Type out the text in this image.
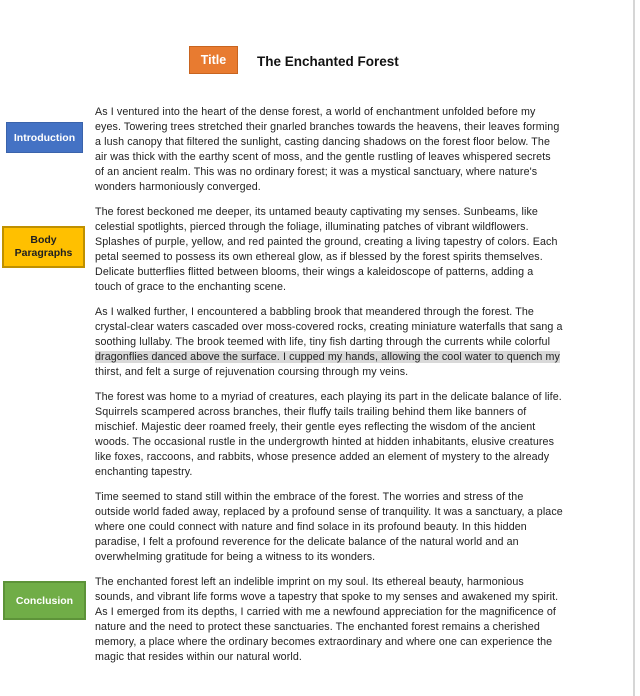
Title The Enchanted Forest
Introduction
Body Paragraphs
Conclusion
As I ventured into the heart of the dense forest, a world of enchantment unfolded before my
eyes. Towering trees stretched their gnarled branches towards the heavens, their leaves forming
a lush canopy that filtered the sunlight, casting dancing shadows on the forest floor below. The
air was thick with the earthy scent of moss, and the gentle rustling of leaves whispered secrets
of an ancient realm. This was no ordinary forest; it was a mystical sanctuary, where nature's
wonders harmoniously converged.
The forest beckoned me deeper, its untamed beauty captivating my senses. Sunbeams, like
celestial spotlights, pierced through the foliage, illuminating patches of vibrant wildflowers.
Splashes of purple, yellow, and red painted the ground, creating a living tapestry of colors. Each
petal seemed to possess its own ethereal glow, as if blessed by the forest spirits themselves.
Delicate butterflies flitted between blooms, their wings a kaleidoscope of patterns, adding a
touch of grace to the enchanting scene.
As I walked further, I encountered a babbling brook that meandered through the forest. The
crystal-clear waters cascaded over moss-covered rocks, creating miniature waterfalls that sang a
soothing lullaby. The brook teemed with life, tiny fish darting through the currents while colorful
dragonflies danced above the surface. I cupped my hands, allowing the cool water to quench my
thirst, and felt a surge of rejuvenation coursing through my veins.
The forest was home to a myriad of creatures, each playing its part in the delicate balance of life.
Squirrels scampered across branches, their fluffy tails trailing behind them like banners of
mischief. Majestic deer roamed freely, their gentle eyes reflecting the wisdom of the ancient
woods. The occasional rustle in the undergrowth hinted at hidden inhabitants, elusive creatures
like foxes, raccoons, and rabbits, whose presence added an element of mystery to the already
enchanting tapestry.
Time seemed to stand still within the embrace of the forest. The worries and stress of the
outside world faded away, replaced by a profound sense of tranquility. It was a sanctuary, a place
where one could connect with nature and find solace in its profound beauty. In this hidden
paradise, I felt a profound reverence for the delicate balance of the natural world and an
overwhelming gratitude for being a witness to its wonders.
The enchanted forest left an indelible imprint on my soul. Its ethereal beauty, harmonious
sounds, and vibrant life forms wove a tapestry that spoke to my senses and awakened my spirit.
As I emerged from its depths, I carried with me a newfound appreciation for the magnificence of
nature and the need to protect these sanctuaries. The enchanted forest remains a cherished
memory, a place where the ordinary becomes extraordinary and where one can experience the
magic that resides within our natural world.
